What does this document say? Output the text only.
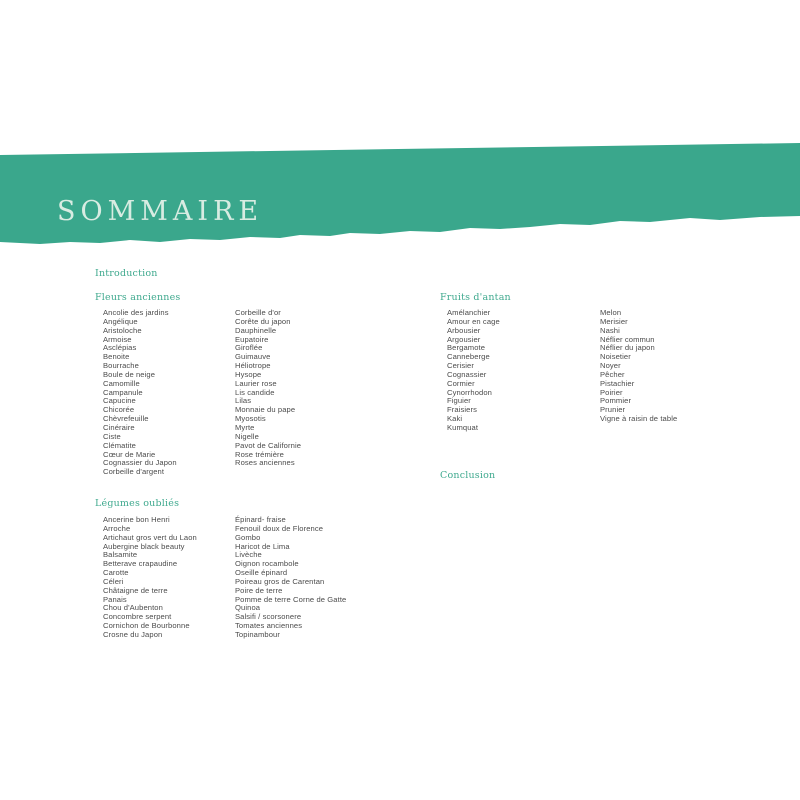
SOMMAIRE
Introduction
Fleurs anciennes
Ancolie des jardins
Angélique
Aristoloche
Armoise
Asclépias
Benoite
Bourrache
Boule de neige
Camomille
Campanule
Capucine
Chicorée
Chèvrefeuille
Cinéraire
Ciste
Clématite
Cœur de Marie
Cognassier du Japon
Corbeille d'argent
Corbeille d'or
Corête du japon
Dauphinelle
Eupatoire
Giroflée
Guimauve
Héliotrope
Hysope
Laurier rose
Lis candide
Lilas
Monnaie du pape
Myosotis
Myrte
Nigelle
Pavot de Californie
Rose trémière
Roses anciennes
Légumes oubliés
Ancerine bon Henri
Arroche
Artichaut gros vert du Laon
Aubergine black beauty
Balsamite
Betterave crapaudine
Carotte
Céleri
Châtaigne de terre
Panais
Chou d'Aubenton
Concombre serpent
Cornichon de Bourbonne
Crosne du Japon
Épinard- fraise
Fenouil doux de Florence
Gombo
Haricot de Lima
Livèche
Oignon rocambole
Oseille épinard
Poireau gros de Carentan
Poire de terre
Pomme de terre Corne de Gatte
Quinoa
Salsifi / scorsonere
Tomates anciennes
Topinambour
Fruits d'antan
Amélanchier
Amour en cage
Arbousier
Argousier
Bergamote
Canneberge
Cerisier
Cognassier
Cormier
Cynorrhodon
Figuier
Fraisiers
Kaki
Kumquat
Melon
Merisier
Nashi
Néflier commun
Néflier du japon
Noisetier
Noyer
Pêcher
Pistachier
Poirier
Pommier
Prunier
Vigne à raisin de table
Conclusion
